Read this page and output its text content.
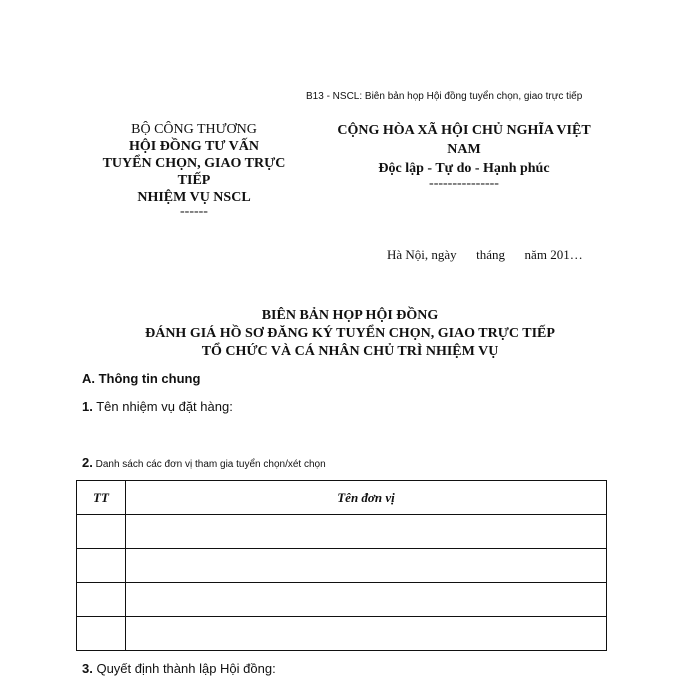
B13 - NSCL: Biên bản họp Hội đồng tuyển chọn, giao trực tiếp
BỘ CÔNG THƯƠNG
HỘI ĐỒNG TƯ VẤN
TUYỂN CHỌN, GIAO TRỰC
TIẾP
NHIỆM VỤ NSCL
------
CỘNG HÒA XÃ HỘI CHỦ NGHĨA VIỆT
NAM
Độc lập - Tự do - Hạnh phúc
---------------
Hà Nội, ngày      tháng      năm 201…
BIÊN BẢN HỌP HỘI ĐỒNG
ĐÁNH GIÁ HỒ SƠ ĐĂNG KÝ TUYỂN CHỌN, GIAO TRỰC TIẾP
TỔ CHỨC VÀ CÁ NHÂN CHỦ TRÌ NHIỆM VỤ
A. Thông tin chung
1. Tên nhiệm vụ đặt hàng:
2. Danh sách các đơn vị tham gia tuyển chọn/xét chọn
TT	Tên đơn vị

3. Quyết định thành lập Hội đồng:
